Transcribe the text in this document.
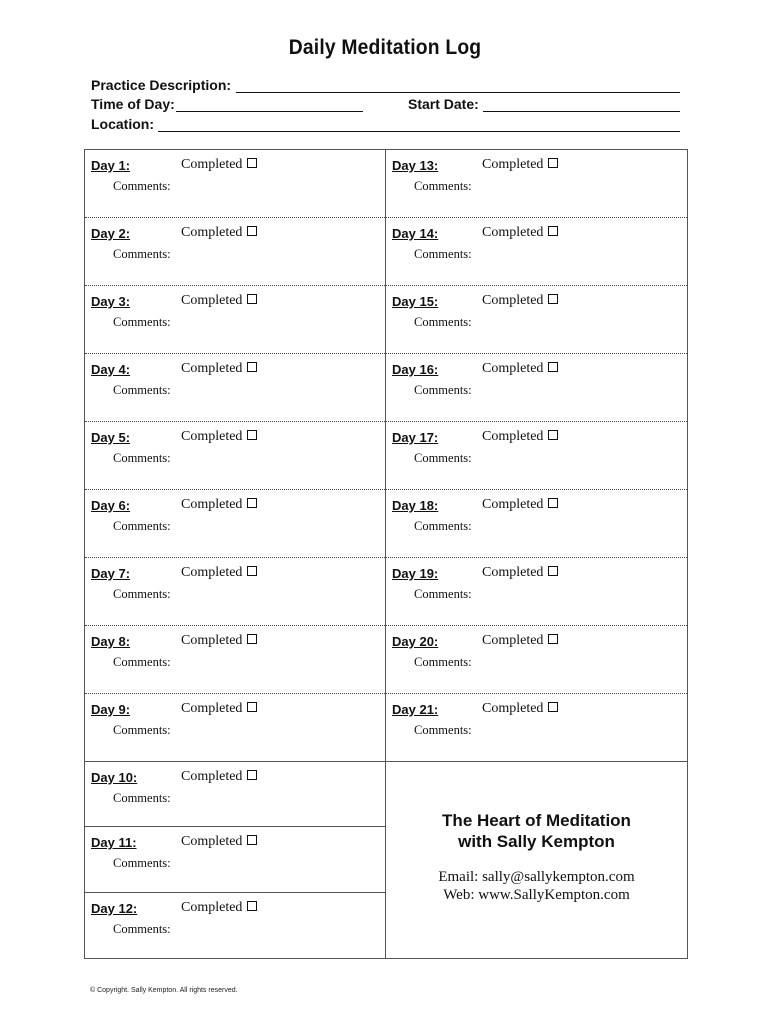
Daily Meditation Log
Practice Description:
Time of Day:	Start Date:
Location:
The Heart of Meditation
with Sally Kempton
Email: sally@sallykempton.com
Web: www.SallyKempton.com
Day 1:	Completed
Comments:
Day 2:	Completed
Comments:
Day 3:	Completed
Comments:
Day 4:	Completed
Comments:
Day 5:	Completed
Comments:
Day 6:	Completed
Comments:
Day 7:	Completed
Comments:
Day 8:	Completed
Comments:
Day 9:	Completed
Comments:
Day 10:	Completed
Comments:
Day 11:	Completed
Comments:
Day 12:	Completed
Comments:
Day 13:	Completed
Comments:
Day 14:	Completed
Comments:
Day 15:	Completed
Comments:
Day 16:	Completed
Comments:
Day 17:	Completed
Comments:
Day 18:	Completed
Comments:
Day 19:	Completed
Comments:
Day 20:	Completed
Comments:
Day 21:	Completed
Comments:
© Copyright. Sally Kempton. All rights reserved.
